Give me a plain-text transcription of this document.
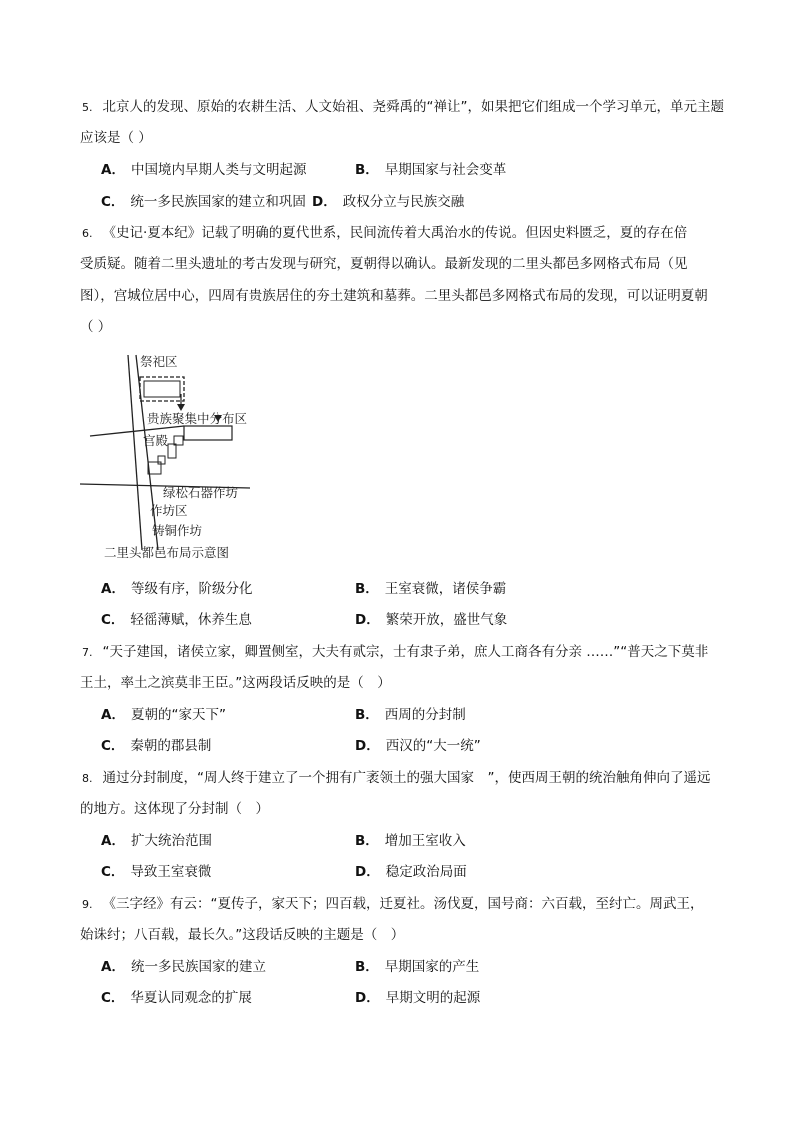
5. 北京人的发现、原始的农耕生活、人文始祖、尧舜禹的“禅让”，如果把它们组成一个学习单元，单元主题
应该是（ ）
A． 中国境内早期人类与文明起源	B． 早期国家与社会变革
C． 统一多民族国家的建立和巩固 D． 政权分立与民族交融
6. 《史记·夏本纪》记载了明确的夏代世系，民间流传着大禹治水的传说。但因史料匮乏，夏的存在倍
受质疑。随着二里头遗址的考古发现与研究，夏朝得以确认。最新发现的二里头都邑多网格式布局（见
图），宫城位居中心，四周有贵族居住的夯土建筑和墓葬。二里头都邑多网格式布局的发现，可以证明夏朝
（ ）
祭祀区
贵族聚集中分布区
宫殿
绿松石器作坊
作坊区
铸铜作坊
二里头都邑布局示意图
A． 等级有序，阶级分化	B． 王室衰微，诸侯争霸
C． 轻徭薄赋，休养生息	D． 繁荣开放，盛世气象
7. “天子建国，诸侯立家，卿置侧室，大夫有贰宗，士有隶子弟，庶人工商各有分亲 ……”“普天之下莫非
王土，率土之滨莫非王臣。”这两段话反映的是（　）
A． 夏朝的“家天下”	B． 西周的分封制
C． 秦朝的郡县制	D． 西汉的“大一统”
8. 通过分封制度，“周人终于建立了一个拥有广袤领土的强大国家　”，使西周王朝的统治触角伸向了遥远
的地方。这体现了分封制（　）
A． 扩大统治范围	B． 增加王室收入
C． 导致王室衰微	D． 稳定政治局面
9. 《三字经》有云：“夏传子，家天下；四百载，迁夏社。汤伐夏，国号商：六百载，至纣亡。周武王，
始诛纣；八百载，最长久。”这段话反映的主题是（　）
A． 统一多民族国家的建立	B． 早期国家的产生
C． 华夏认同观念的扩展	D． 早期文明的起源
